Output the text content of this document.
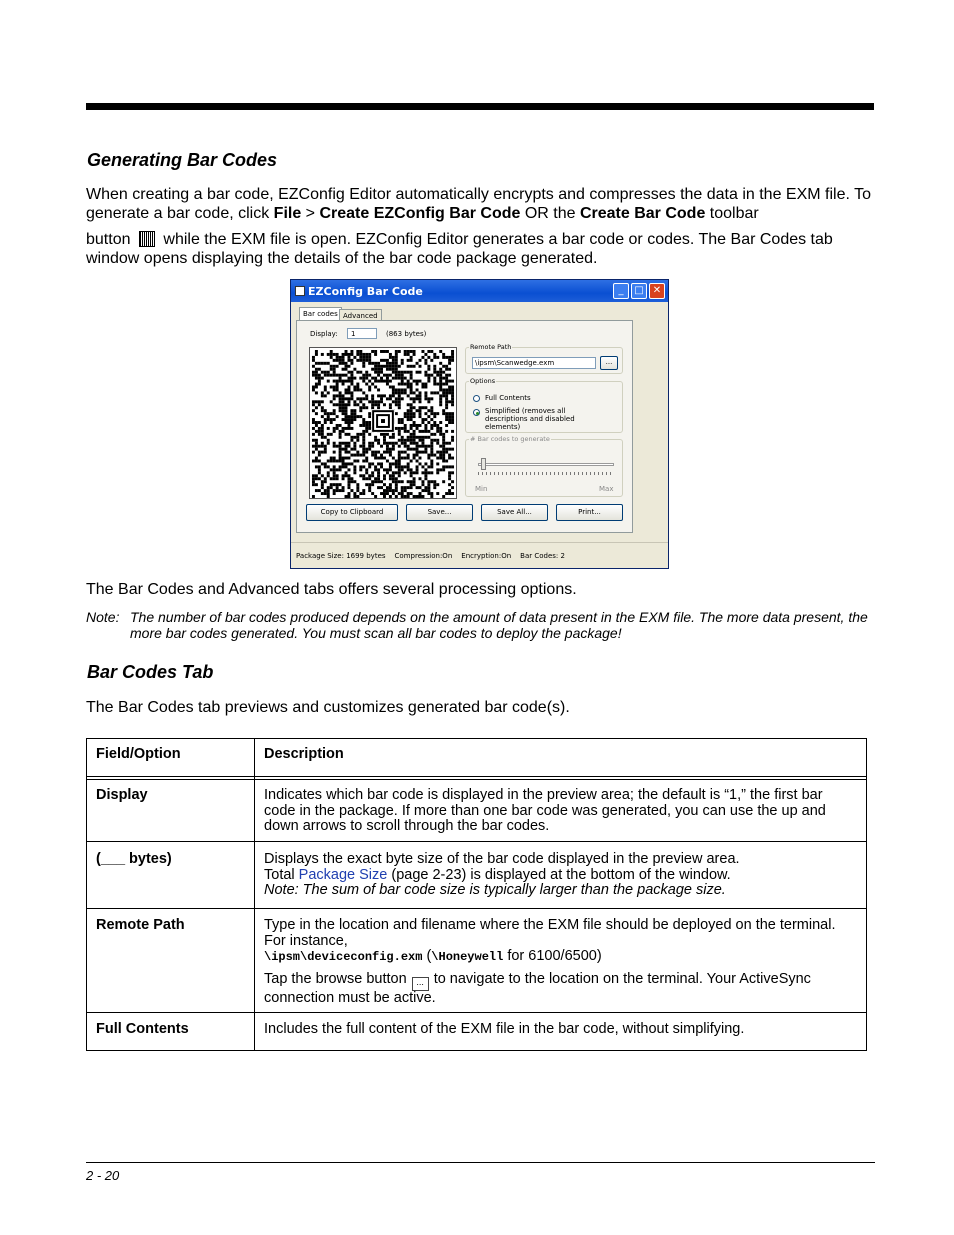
Generating Bar Codes
When creating a bar code, EZConfig Editor automatically encrypts and compresses the data in the EXM file. To generate a bar code, click File > Create EZConfig Bar Code OR the Create Bar Code toolbar
button while the EXM file is open. EZConfig Editor generates a bar code or codes. The Bar Codes tab window opens displaying the details of the bar code package generated.
EZConfig Bar Code	_	□ ✕
Bar codes Advanced
Display:	1	(863 bytes)
Remote Path
\ipsm\Scanwedge.exm	...
Options
Full Contents
Simplified (removes all descriptions and disabled elements)
# Bar codes to generate
Min	Max
Copy to Clipboard	Save...	Save All...	Print...
Package Size: 1699 bytes Compression:On Encryption:On Bar Codes: 2
The Bar Codes and Advanced tabs offers several processing options.
Note: The number of bar codes produced depends on the amount of data present in the EXM file. The more data present, the more bar codes generated. You must scan all bar codes to deploy the package!
Bar Codes Tab
The Bar Codes tab previews and customizes generated bar code(s).
Field/Option	Description

Display	Indicates which bar code is displayed in the preview area; the default is “1,” the first bar code in the package. If more than one bar code was generated, you can use the up and down arrows to scroll through the bar codes.
(___ bytes)	Displays the exact byte size of the bar code displayed in the preview area.
Total Package Size (page 2-23) is displayed at the bottom of the window.
Note: The sum of bar code size is typically larger than the package size.

Remote Path	Type in the location and filename where the EXM file should be deployed on the terminal. For instance,
\ipsm\deviceconfig.exm (\Honeywell for 6100/6500)
Tap the browse button ... to navigate to the location on the terminal. Your ActiveSync connection must be active.

Full Contents	Includes the full content of the EXM file in the bar code, without simplifying.
2 - 20
